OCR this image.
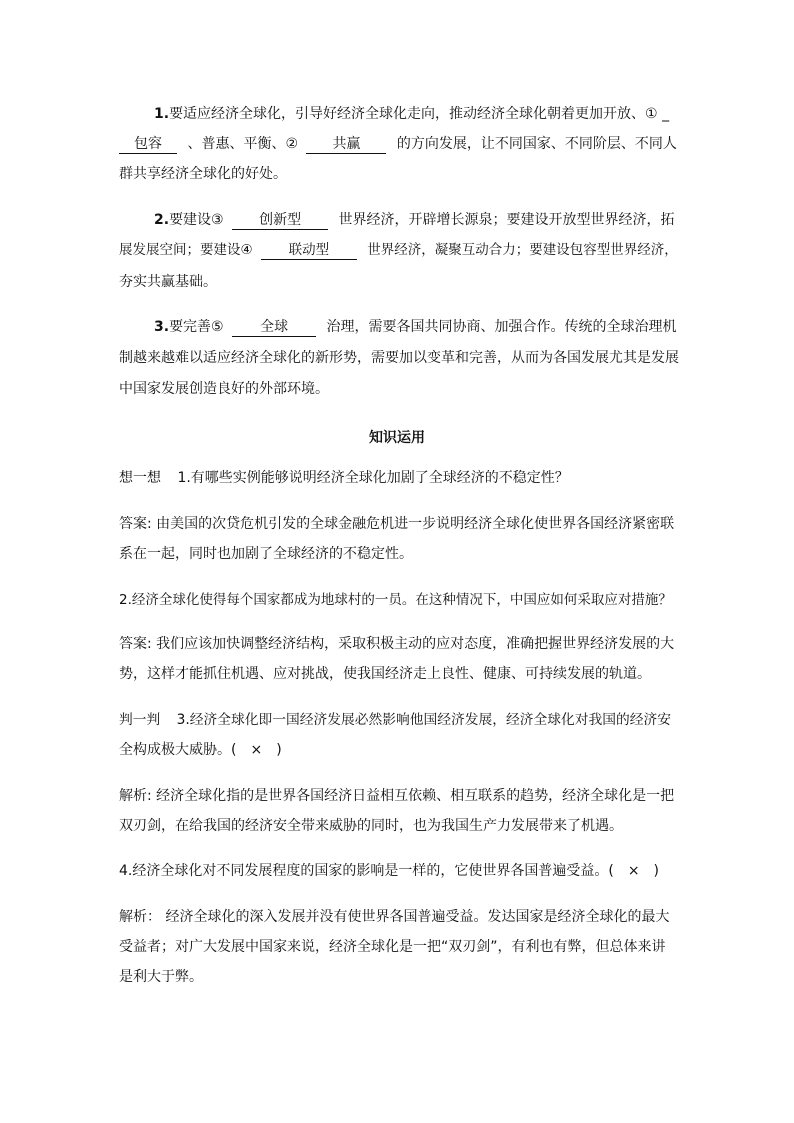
1.要适应经济全球化，引导好经济全球化走向，推动经济全球化朝着更加开放、① _
包容 、普惠、平衡、② 共赢	的方向发展，让不同国家、不同阶层、不同人
群共享经济全球化的好处。
2.要建设③	创新型	世界经济，开辟增长源泉；要建设开放型世界经济，拓
展发展空间；要建设④	联动型	世界经济，凝聚互动合力；要建设包容型世界经济，
夯实共赢基础。
3.要完善⑤	全球	治理，需要各国共同协商、加强合作。传统的全球治理机
制越来越难以适应经济全球化的新形势，需要加以变革和完善，从而为各国发展尤其是发展
中国家发展创造良好的外部环境。
知识运用
想一想 1.有哪些实例能够说明经济全球化加剧了全球经济的不稳定性？
答案: 由美国的次贷危机引发的全球金融危机进一步说明经济全球化使世界各国经济紧密联
系在一起，同时也加剧了全球经济的不稳定性。
2.经济全球化使得每个国家都成为地球村的一员。在这种情况下，中国应如何采取应对措施？
答案: 我们应该加快调整经济结构，采取积极主动的应对态度，准确把握世界经济发展的大
势，这样才能抓住机遇、应对挑战，使我国经济走上良性、健康、可持续发展的轨道。
判一判 3.经济全球化即一国经济发展必然影响他国经济发展，经济全球化对我国的经济安
全构成极大威胁。(　×　)
解析: 经济全球化指的是世界各国经济日益相互依赖、相互联系的趋势，经济全球化是一把
双刃剑，在给我国的经济安全带来威胁的同时，也为我国生产力发展带来了机遇。
4.经济全球化对不同发展程度的国家的影响是一样的，它使世界各国普遍受益。(　×　)
解析： 经济全球化的深入发展并没有使世界各国普遍受益。发达国家是经济全球化的最大
受益者；对广大发展中国家来说，经济全球化是一把“双刃剑”，有利也有弊，但总体来讲
是利大于弊。
